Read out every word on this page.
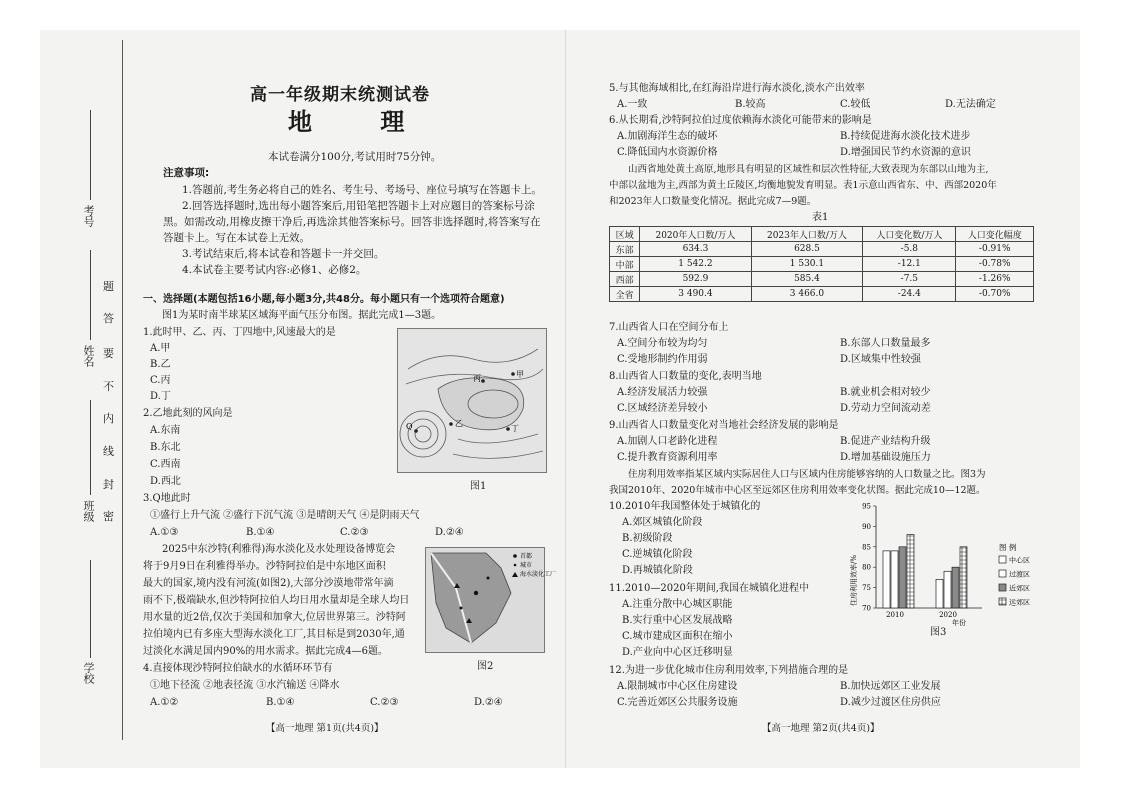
考号
姓名
班级
学校
题
答
要
不
内
线
封
密
高一年级期末统测试卷
地 理
本试卷满分100分,考试用时75分钟。
注意事项:
1.答题前,考生务必将自己的姓名、考生号、考场号、座位号填写在答题卡上。
2.回答选择题时,选出每小题答案后,用铅笔把答题卡上对应题目的答案标号涂
黑。如需改动,用橡皮擦干净后,再选涂其他答案标号。回答非选择题时,将答案写在
答题卡上。写在本试卷上无效。
3.考试结束后,将本试卷和答题卡一并交回。
4.本试卷主要考试内容:必修1、必修2。
一、选择题(本题包括16小题,每小题3分,共48分。每小题只有一个选项符合题意)
图1为某时南半球某区域海平面气压分布图。据此完成1—3题。
1.此时甲、乙、丙、丁四地中,风速最大的是
A.甲
B.乙
C.丙
D.丁
2.乙地此刻的风向是
A.东南
B.东北
C.西南
D.西北
3.Q地此时
①盛行上升气流 ②盛行下沉气流 ③是晴朗天气 ④是阴雨天气
A.①③	B.①④	C.②③	D.②④
丙	甲
乙
丁
Q
图1
2025中东沙特(利雅得)海水淡化及水处理设备博览会
将于9月9日在利雅得举办。沙特阿拉伯是中东地区面积
最大的国家,境内没有河流(如图2),大部分沙漠地带常年滴
雨不下,极端缺水,但沙特阿拉伯人均日用水量却是全球人均日
用水量的近2倍,仅次于美国和加拿大,位居世界第三。沙特阿
拉伯境内已有多座大型海水淡化工厂,其目标是到2030年,通
过淡化水满足国内90%的用水需求。据此完成4—6题。
首都
城市
海水淡化工厂
图2
4.直接体现沙特阿拉伯缺水的水循环环节有
①地下径流 ②地表径流 ③水汽输送 ④降水
A.①②	B.①④	C.②③	D.②④
【高一地理 第1页(共4页)】
5.与其他海域相比,在红海沿岸进行海水淡化,淡水产出效率
A.一致	B.较高	C.较低	D.无法确定
6.从长期看,沙特阿拉伯过度依赖海水淡化可能带来的影响是
A.加剧海洋生态的破坏	B.持续促进海水淡化技术进步
C.降低国内水资源价格	D.增强国民节约水资源的意识
山西省地处黄土高原,地形具有明显的区域性和层次性特征,大致表现为东部以山地为主,
中部以盆地为主,西部为黄土丘陵区,均衡地貌发育明显。表1示意山西省东、中、西部2020年
和2023年人口数量变化情况。据此完成7—9题。
表1
区域	2020年人口数/万人	2023年人口数/万人	人口变化数/万人	人口变化幅度
东部	634.3	628.5	-5.8	-0.91%
中部	1 542.2	1 530.1	-12.1	-0.78%
西部	592.9	585.4	-7.5	-1.26%
全省	3 490.4	3 466.0	-24.4	-0.70%
7.山西省人口在空间分布上
A.空间分布较为均匀	B.东部人口数量最多
C.受地形制约作用弱	D.区域集中性较强
8.山西省人口数量的变化,表明当地
A.经济发展活力较强	B.就业机会相对较少
C.区域经济差异较小	D.劳动力空间流动差
9.山西省人口数量变化对当地社会经济发展的影响是
A.加剧人口老龄化进程	B.促进产业结构升级
C.提升教育资源利用率	D.增加基础设施压力
住房利用效率指某区域内实际居住人口与区域内住房能够容纳的人口数量之比。图3为
我国2010年、2020年城市中心区至远郊区住房利用效率变化状图。据此完成10—12题。
10.2010年我国整体处于城镇化的
A.郊区城镇化阶段
B.初级阶段
C.逆城镇化阶段
D.再城镇化阶段
11.2010—2020年期间,我国在城镇化进程中
A.注重分散中心城区职能
B.实行重中心区发展战略
C.城市建成区面积在缩小
D.产业向中心区迁移明显
12.为进一步优化城市住房利用效率,下列措施合理的是
A.限制城市中心区住房建设	B.加快远郊区工业发展
C.完善近郊区公共服务设施	D.减少过渡区住房供应
住房利用效率/%
70
75
80
85
90
95
2010	2020
年份
图 例
中心区
过渡区
近郊区
远郊区
图3
【高一地理 第2页(共4页)】
